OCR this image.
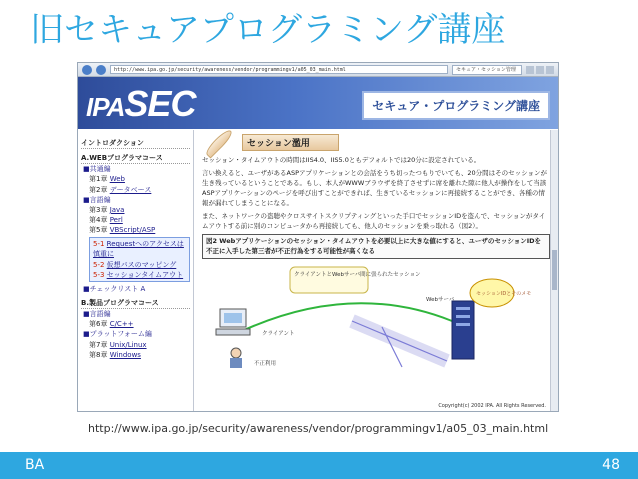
旧セキュアプログラミング講座
http://www.ipa.go.jp/security/awareness/vendor/programmingv1/a05_03_main.html	セキュア・セッション管理
IPASEC	セキュア・プログラミング講座
イントロダクション
A.WEBプログラマコース
■共通編
第1章 Web
第2章 データベース
■言語編
第3章 Java
第4章 Perl
第5章 VBScript/ASP
5-1 Requestへのアクセスは慎重に
5-2 仮想パスのマッピング
5-3 セッションタイムアウト
■チェックリスト A
B.製品プログラマコース
■言語編
第6章 C/C++
■プラットフォーム編
第7章 Unix/Linux
第8章 Windows
セッション濫用

セッション・タイムアウトの時間はIIS4.0、IIS5.0ともデフォルトでは20分に設定されている。

言い換えると、ユーザがあるASPアプリケーションとの会話をうち切ったつもりでいても、20分間はそのセッションが生き残っているということである。もし、本人がWWWブラウザを終了させずに席を離れた隙に他人が操作をして当該ASPアプリケーションのページを呼び出すことができれば、生きているセッションに再接続することができ、各種の情報が漏れてしまうことになる。

また、ネットワークの盗聴やクロスサイトスクリプティングといった手口でセッションIDを盗んで、セッションがタイムアウトする前に別のコンピュータから再接続しても、他人のセッションを乗っ取れる（図2）。

図2 Webアプリケーションのセッション・タイムアウトを必要以上に大きな値にすると、ユーザのセッションIDを不正に入手した第三者が不正行為をする可能性が高くなる
クライアントとWebサーバ間に張られたセッション
クライアント
不正利用
Webサーバ
セッションIDとそのメモリ
Copyright(c) 2002 IPA. All Rights Reserved.
http://www.ipa.go.jp/security/awareness/vendor/programmingv1/a05_03_main.html
BA	48
